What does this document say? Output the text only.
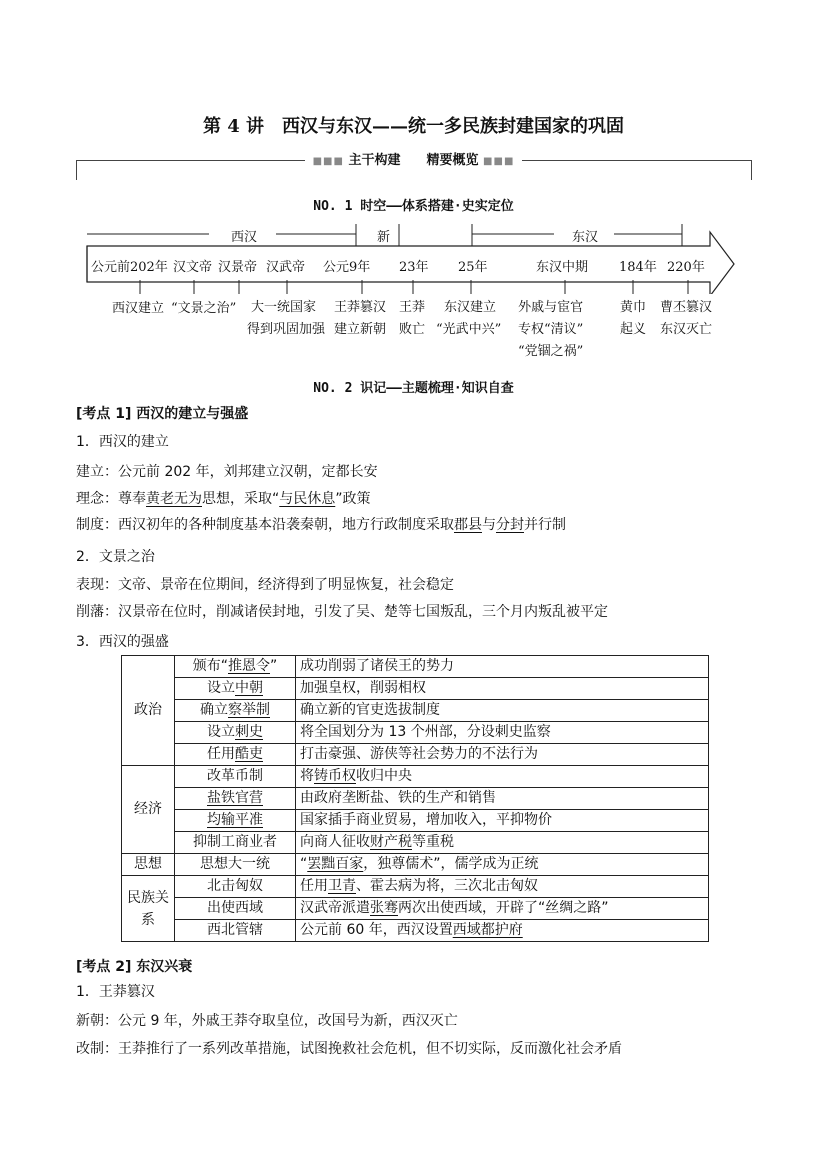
第 4 讲　西汉与东汉——统一多民族封建国家的巩固
■■■ 主干构建　　 精要概览 ■■■
NO. 1 时空——体系搭建·史实定位
西汉	新	东汉
公元前202年 汉文帝 汉景帝 汉武帝 公元9年 23年 25年	东汉中期 184年 220年
西汉建立 “文景之治” 大一统国家
得到巩固加强
王莽篡汉
建立新朝
王莽
败亡
东汉建立
“光武中兴”
外戚与宦官
专权“清议”
“党锢之祸”
黄巾
起义
曹丕篡汉
东汉灭亡
NO. 2 识记——主题梳理·知识自查
[考点 1] 西汉的建立与强盛
1．西汉的建立
建立：公元前 202 年，刘邦建立汉朝，定都长安
理念：尊奉黄老无为思想，采取“与民休息”政策
制度：西汉初年的各种制度基本沿袭秦朝，地方行政制度采取郡县与分封并行制
2．文景之治
表现：文帝、景帝在位期间，经济得到了明显恢复，社会稳定
削藩：汉景帝在位时，削减诸侯封地，引发了吴、楚等七国叛乱，三个月内叛乱被平定
3．西汉的强盛
政治	颁布“推恩令”	成功削弱了诸侯王的势力
	设立中朝	加强皇权，削弱相权
	确立察举制	确立新的官吏选拔制度
	设立刺史	将全国划分为 13 个州部，分设刺史监察
	任用酷吏	打击豪强、游侠等社会势力的不法行为
经济	改革币制	将铸币权收归中央
	盐铁官营	由政府垄断盐、铁的生产和销售
	均输平准	国家插手商业贸易，增加收入，平抑物价
	抑制工商业者	向商人征收财产税等重税
思想	思想大一统	“罢黜百家，独尊儒术”，儒学成为正统
民族关系	北击匈奴	任用卫青、霍去病为将，三次北击匈奴
	出使西域	汉武帝派遣张骞两次出使西域，开辟了“丝绸之路”
	西北管辖	公元前 60 年，西汉设置西域都护府
[考点 2] 东汉兴衰
1．王莽篡汉
新朝：公元 9 年，外戚王莽夺取皇位，改国号为新，西汉灭亡
改制：王莽推行了一系列改革措施，试图挽救社会危机，但不切实际，反而激化社会矛盾
